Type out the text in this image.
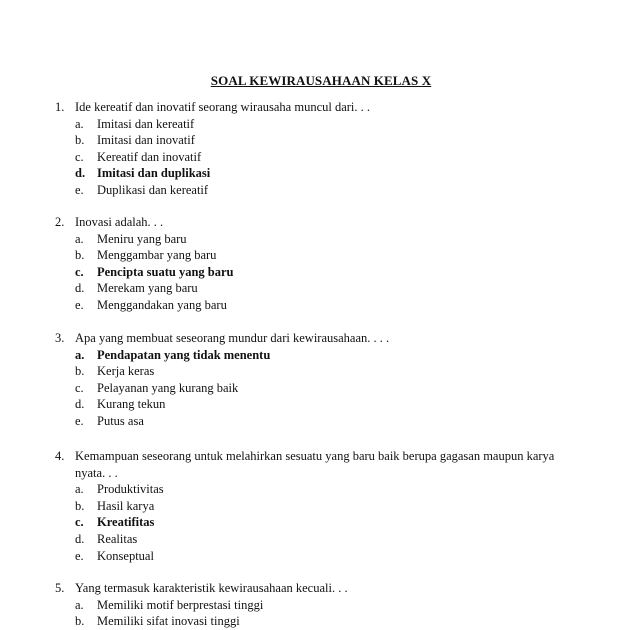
SOAL KEWIRAUSAHAAN KELAS X
1. Ide kereatif dan inovatif seorang wirausaha muncul dari. . .
a.	Imitasi dan kereatif
b.	Imitasi dan inovatif
c.	Kereatif dan inovatif
d. Imitasi dan duplikasi
e.	Duplikasi dan kereatif
2. Inovasi adalah. . .
a.	Meniru yang baru
b.	Menggambar yang baru
c.	Pencipta suatu yang baru
d.	Merekam yang baru
e.	Menggandakan yang baru
3. Apa yang membuat seseorang mundur dari kewirausahaan. . . .
a.	Pendapatan yang tidak menentu
b.	Kerja keras
c.	Pelayanan yang kurang baik
d.	Kurang tekun
e.	Putus asa
4. Kemampuan seseorang untuk melahirkan sesuatu yang baru baik berupa gagasan maupun karya nyata. . .
a.	Produktivitas
b.	Hasil karya
c.	Kreatifitas
d.	Realitas
e.	Konseptual
5. Yang termasuk karakteristik kewirausahaan kecuali. . .
a.	Memiliki motif berprestasi tinggi
b.	Memiliki sifat inovasi tinggi
